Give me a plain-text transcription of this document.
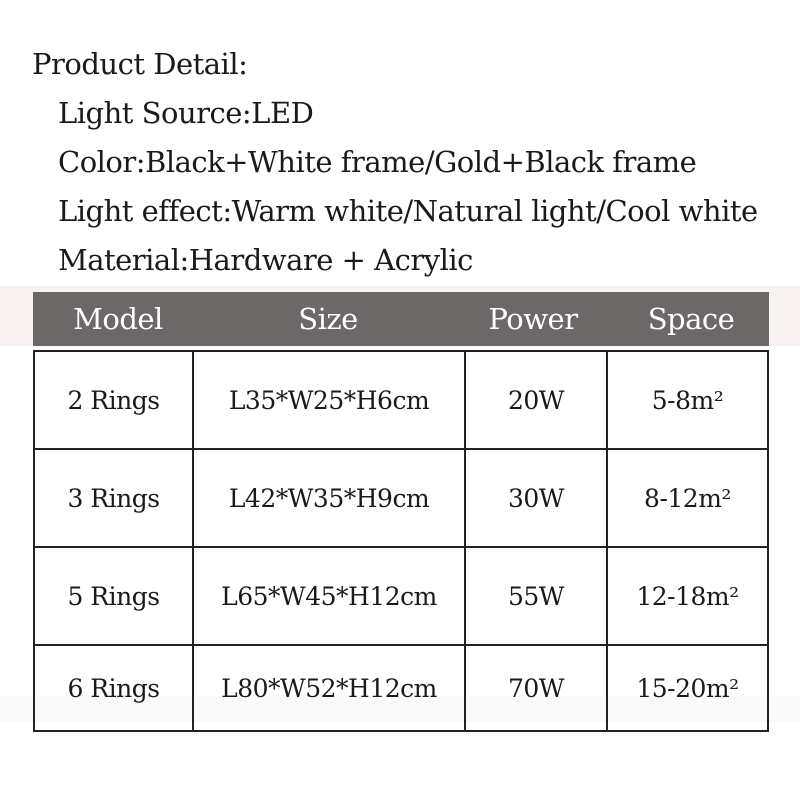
Product Detail:
Light Source:LED
Color:Black+White frame/Gold+Black frame
Light effect:Warm white/Natural light/Cool white
Material:Hardware + Acrylic
Model	Size	Power	Space
2 Rings	L35*W25*H6cm	20W	5-8m²
3 Rings	L42*W35*H9cm	30W	8-12m²
5 Rings	L65*W45*H12cm	55W	12-18m²
6 Rings	L80*W52*H12cm	70W	15-20m²
